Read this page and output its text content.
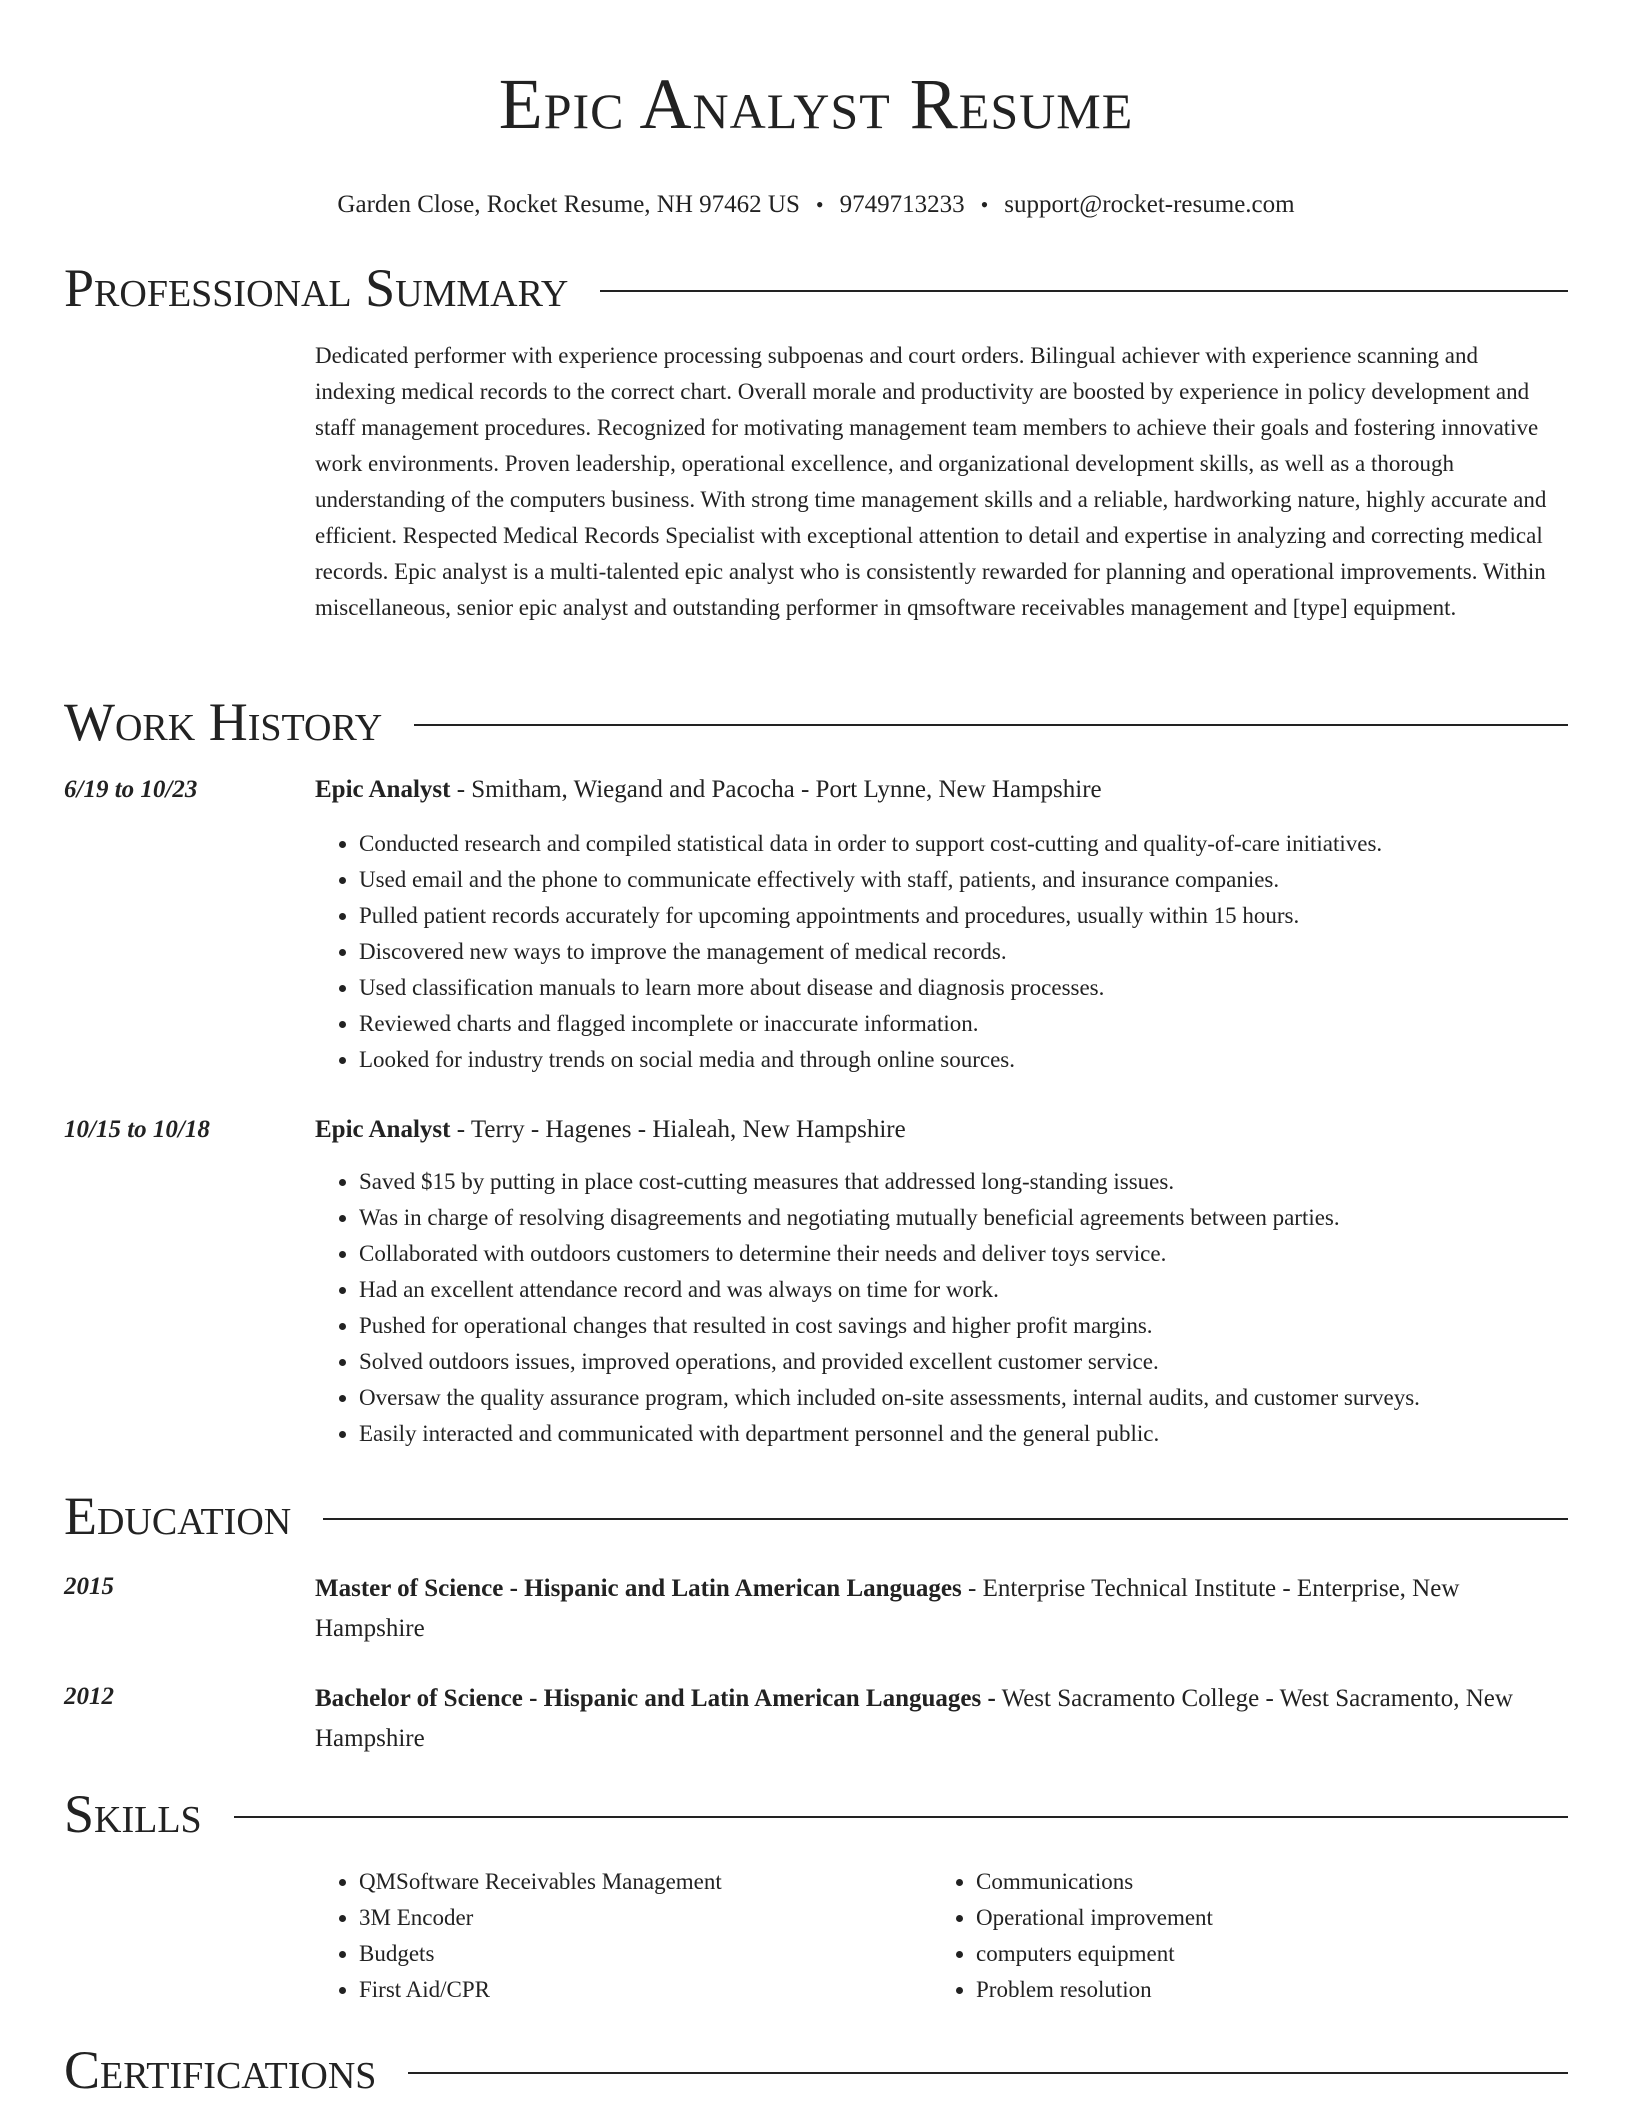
Epic Analyst Resume
Garden Close, Rocket Resume, NH 97462 US • 9749713233 • support@rocket-resume.com
Professional Summary

Dedicated performer with experience processing subpoenas and court orders. Bilingual achiever with experience scanning and indexing medical records to the correct chart. Overall morale and productivity are boosted by experience in policy development and staff management procedures. Recognized for motivating management team members to achieve their goals and fostering innovative work environments. Proven leadership, operational excellence, and organizational development skills, as well as a thorough understanding of the computers business. With strong time management skills and a reliable, hardworking nature, highly accurate and efficient. Respected Medical Records Specialist with exceptional attention to detail and expertise in analyzing and correcting medical records. Epic analyst is a multi-talented epic analyst who is consistently rewarded for planning and operational improvements. Within miscellaneous, senior epic analyst and outstanding performer in qmsoftware receivables management and [type] equipment.

Work History
6/19 to 10/23	Epic Analyst - Smitham, Wiegand and Pacocha - Port Lynne, New Hampshire
• Conducted research and compiled statistical data in order to support cost-cutting and quality-of-care initiatives.
• Used email and the phone to communicate effectively with staff, patients, and insurance companies.
• Pulled patient records accurately for upcoming appointments and procedures, usually within 15 hours.
• Discovered new ways to improve the management of medical records.
• Used classification manuals to learn more about disease and diagnosis processes.
• Reviewed charts and flagged incomplete or inaccurate information.
• Looked for industry trends on social media and through online sources.
10/15 to 10/18	Epic Analyst - Terry - Hagenes - Hialeah, New Hampshire
• Saved $15 by putting in place cost-cutting measures that addressed long-standing issues.
• Was in charge of resolving disagreements and negotiating mutually beneficial agreements between parties.
• Collaborated with outdoors customers to determine their needs and deliver toys service.
• Had an excellent attendance record and was always on time for work.
• Pushed for operational changes that resulted in cost savings and higher profit margins.
• Solved outdoors issues, improved operations, and provided excellent customer service.
• Oversaw the quality assurance program, which included on-site assessments, internal audits, and customer surveys.
• Easily interacted and communicated with department personnel and the general public.
Education
2015	Master of Science - Hispanic and Latin American Languages - Enterprise Technical Institute - Enterprise, New Hampshire

2012	Bachelor of Science - Hispanic and Latin American Languages - West Sacramento College - West Sacramento, New Hampshire

Skills
• QMSoftware Receivables Management
• 3M Encoder
• Budgets
• First Aid/CPR
• Communications
• Operational improvement
• computers equipment
• Problem resolution
Certifications
